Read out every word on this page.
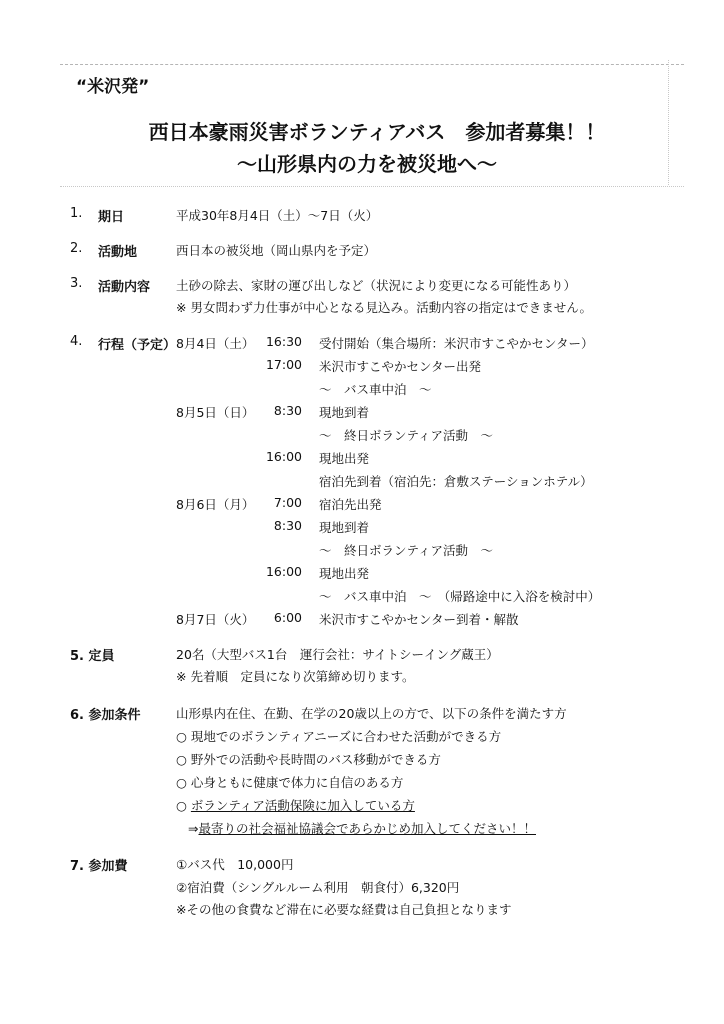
“米沢発”
西日本豪雨災害ボランティアバス　参加者募集！！
〜山形県内の力を被災地へ〜
1. 期日	平成30年8月4日（土）〜7日（火）
2. 活動地	西日本の被災地（岡山県内を予定）
3. 活動内容 土砂の除去、家財の運び出しなど（状況により変更になる可能性あり）
※ 男女問わず力仕事が中心となる見込み。活動内容の指定はできません。
4. 行程（予定） 8月4日（土） 16:30 受付開始（集合場所：米沢市すこやかセンター）
17:00 米沢市すこやかセンター出発
〜　バス車中泊　〜
8月5日（日）	8:30 現地到着
〜　終日ボランティア活動　〜
16:00 現地出発
宿泊先到着（宿泊先：倉敷ステーションホテル）
8月6日（月）	7:00 宿泊先出発
8:30 現地到着
〜　終日ボランティア活動　〜
16:00 現地出発
〜　バス車中泊　〜　（帰路途中に入浴を検討中）
8月7日（火）	6:00 米沢市すこやかセンター到着・解散
5. 定員	20名（大型バス1台　運行会社：サイトシーイング蔵王）
※ 先着順　定員になり次第締め切ります。
6. 参加条件	山形県内在住、在勤、在学の20歳以上の方で、以下の条件を満たす方
○ 現地でのボランティアニーズに合わせた活動ができる方
○ 野外での活動や長時間のバス移動ができる方
○ 心身ともに健康で体力に自信のある方
○ ボランティア活動保険に加入している方
⇒最寄りの社会福祉協議会であらかじめ加入してください！！
7. 参加費	①バス代　10,000円
②宿泊費（シングルルーム利用　朝食付）6,320円
※その他の食費など滞在に必要な経費は自己負担となります
